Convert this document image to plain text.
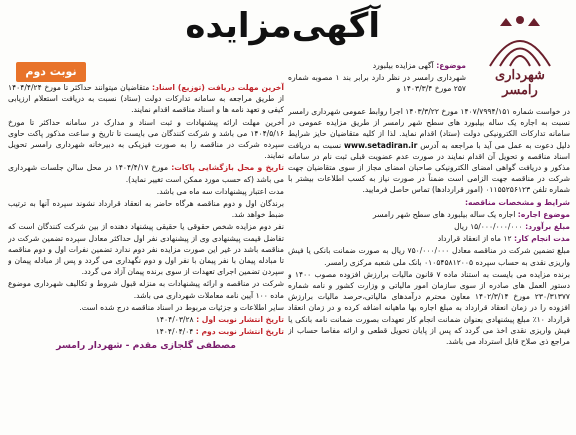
آگهی‌مزایده
شهرداری رامسر
نوبت دوم	موضوع: آگهی مزایده بیلبورد

شهرداری رامسر در نظر دارد برابر بند ۱ مصوبه شماره ۲۵۷ مورخ ۱۴۰۳/۳/۴ و

در خواست شماره ۱۴۰۷/۷۹۹۴/۱۵۱ مورخ ۱۴۰۳/۳/۲۲ اجرا روابط عمومی شهرداری رامسر نسبت به اجاره یک ساله بیلبورد های سطح شهر رامسر از طریق مزایده عمومی در سامانه تدارکات الکترونیکی دولت (ستاد) اقدام نماید. لذا از کلیه متقاضیان حایز شرایط دلیل دعوت به عمل می آید با مراجعه به آدرس www.setadiran.ir نسبت به دریافت اسناد مناقصه و تحویل آن اقدام نمایند در صورت عدم عضویت قبلی ثبت نام در سامانه مذکور و دریافت گواهی امضای الکترونیکی صاحبان امضای مجاز از سوی متقاضیان جهت شرکت در مناقصه جهت الزامی است ضمناً در صورت نیاز به کسب اطلاعات بیشتر با شماره تلفن ۰۱۱۵۵۲۵۶۱۲۳ (امور قراردادها) تماس حاصل فرمایید.

شرایط و مشخصات مناقصه:

موضوع اجاره: اجاره یک ساله بیلبورد های سطح شهر رامسر

مبلغ برآورد: ۱۵/۰۰۰/۰۰۰/۰۰۰ ریال

مدت انجام کار: ۱۲ ماه از انعقاد قرارداد

مبلغ تضمین شرکت در مناقصه معادل ۷۵۰/۰۰۰/۰۰۰ ریال به صورت ضمانت بانکی یا فیش واریزی نقدی به حساب سپرده ۰۱۰۵۴۵۸۱۲۰۰۵ بانک ملی شعبه مرکزی رامسر.

برنده مزایده می بایست به استناد ماده ۷ قانون مالیات برارزش افزوده مصوب ۱۴۰۰ و دستور العمل های صادره از سوی سازمان امور مالیاتی و وزارت کشور و نامه شماره ۲۳۰/۳۱۳۷۷ مورخ ۱۴۰۲/۳/۱۴ معاون محترم درآمدهای مالیاتی،حرصد مالیات برارزش افزوده را در زمان انعقاد قرارداد به مبلغ اجاره بها ماهیانه اضافه کرده و در زمان انعقاد قرارداد ۱۰٪ مبلغ پیشنهادی بعنوان ضمانت انجام کار تعهدات بصورت ضمانت نامه بانکی یا فیش واریزی نقدی اخذ می گردد که پس از پایان تحویل قطعی و ارائه مفاصا حساب از مراجع ذی صلاح قابل استرداد می باشد.

آخرین مهلت دریافت (توزیع) اسناد: متقاضیان میتوانند حداکثر تا مورخ ۱۴۰۴/۴/۲۴ از طریق مراجعه به سامانه تدارکات دولت (ستاد) نسبت به دریافت استعلام ارزیابی کیفی و تعهد نامه ها و اسناد مناقصه اقدام نمایند.

آخرین مهلت ارائه پیشنهادات و ثبت اسناد و مدارک در سامانه حداکثر تا مورخ ۱۴۰۴/۵/۱۶ می باشد و شرکت کنندگان می بایست تا تاریخ و ساعت مذکور پاکت حاوی سپرده شرکت در مناقصه را به صورت فیزیکی به دبیرخانه شهرداری رامسر تحویل نمایند.

تاریخ و محل بازگشایی پاکات: مورخ ۱۴۰۴/۴/۱۷ در محل سالن جلسات شهرداری می باشد (که حسب مورد ممکن است تغییر نماید).

مدت اعتبار پیشنهادات سه ماه می باشد.

برندگان اول و دوم مناقصه هرگاه حاضر به انعقاد قرارداد نشوند سپرده آنها به ترتیب ضبط خواهد شد.

نفر دوم مزایده شخص حقوقی یا حقیقی پیشنهاد دهنده از بین شرکت کنندگان است که تفاضل قیمت پیشنهادی وی از پیشنهادی نفر اول حداکثر معادل سپرده تضمین شرکت در مناقصه باشد در غیر این صورت مزایده نفر دوم ندارد تضمین نفرات اول و دوم مناقصه تا مبادله پیمان با نفر پیمان با نفر اول و دوم نگهداری می گردد و پس از مبادله پیمان و سپردن تضمین اجرای تعهدات از سوی برنده پیمان آزاد می گردد.

شرکت در مناقصه و ارائه پیشنهادات به منزله قبول شروط و تکالیف شهرداری موضوع ماده ۱۰۰ آیین نامه معاملات شهرداری می باشد.

سایر اطلاعات و جزئیات مربوط در اسناد مناقصه درج شده است.

تاریخ انتشار نوبت اول : ۱۴۰۴/۰۳/۲۸

تاریخ انتشار نوبت دوم : ۱۴۰۴/۰۴/۰۴

مصطفی گلجازی مقدم - شهردار رامسر
